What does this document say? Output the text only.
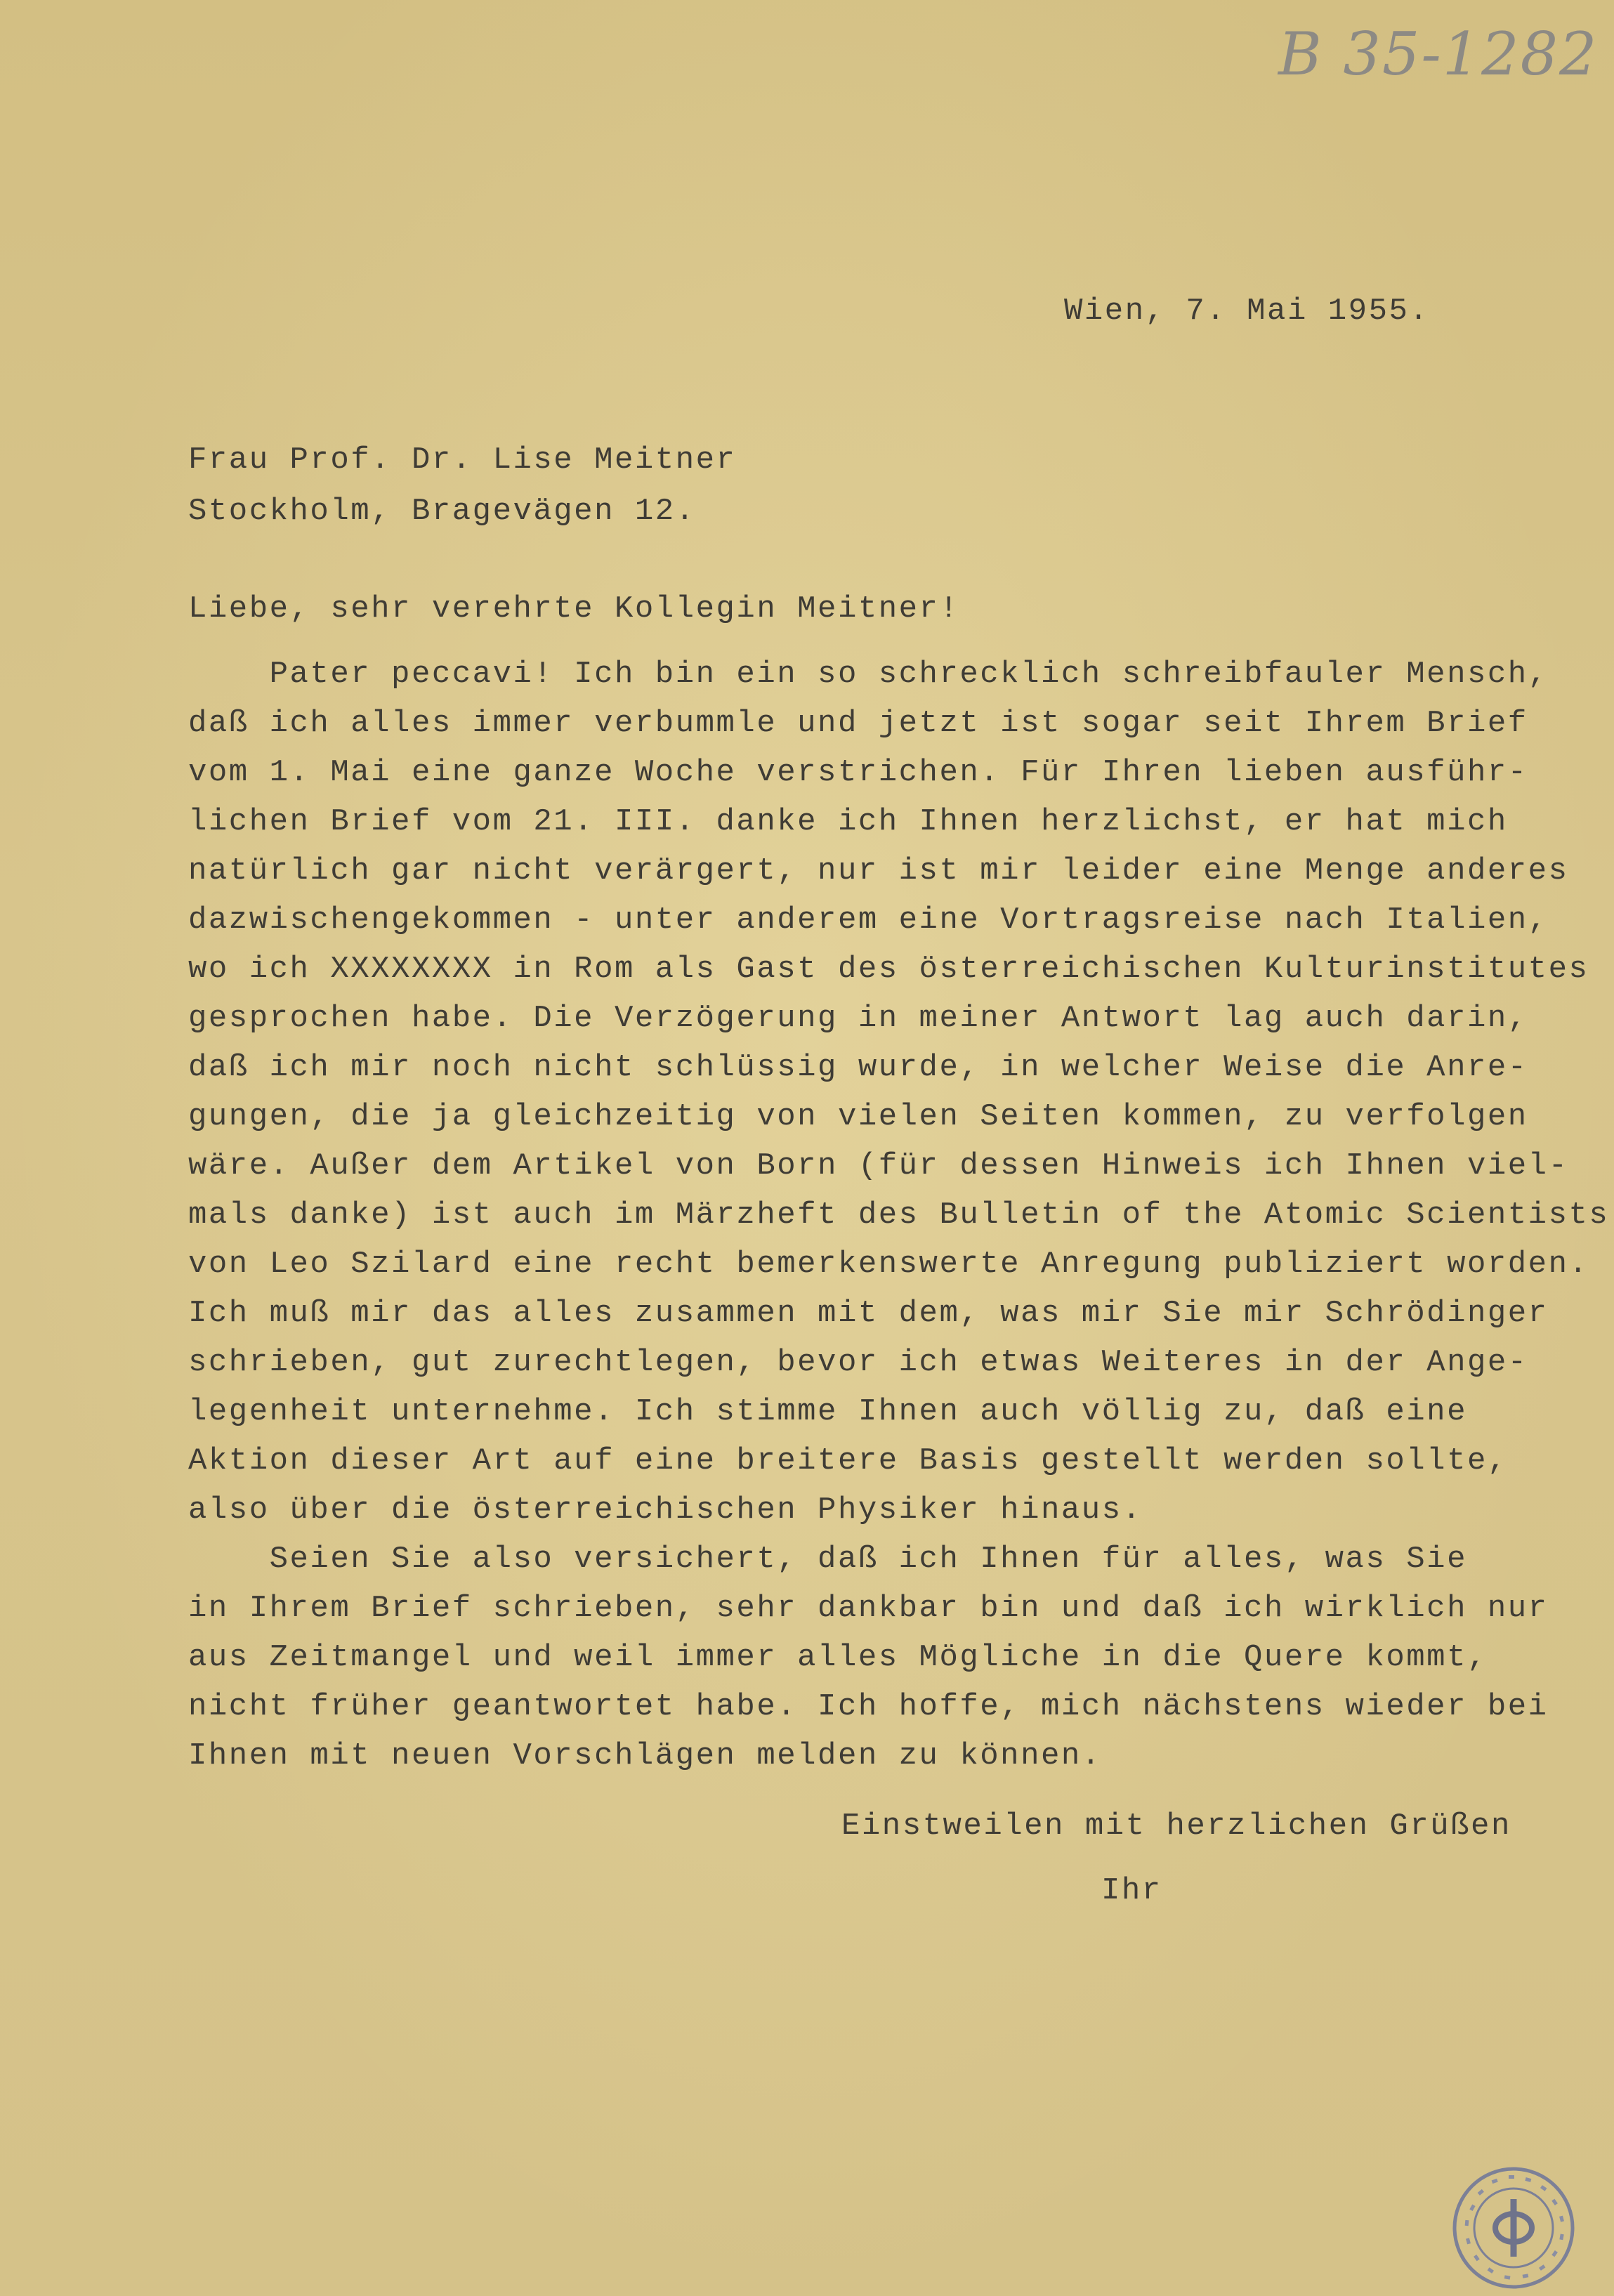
B 35-1282
Wien, 7. Mai 1955.
Frau Prof. Dr. Lise Meitner
Stockholm, Bragevägen 12.
Liebe, sehr verehrte Kollegin Meitner!
Pater peccavi! Ich bin ein so schrecklich schreibfauler Mensch,
daß ich alles immer verbummle und jetzt ist sogar seit Ihrem Brief
vom 1. Mai eine ganze Woche verstrichen. Für Ihren lieben ausführ-
lichen Brief vom 21. III. danke ich Ihnen herzlichst, er hat mich
natürlich gar nicht verärgert, nur ist mir leider eine Menge anderes
dazwischengekommen - unter anderem eine Vortragsreise nach Italien,
wo ich XXXXXXXX in Rom als Gast des österreichischen Kulturinstitutes
gesprochen habe. Die Verzögerung in meiner Antwort lag auch darin,
daß ich mir noch nicht schlüssig wurde, in welcher Weise die Anre-
gungen, die ja gleichzeitig von vielen Seiten kommen, zu verfolgen
wäre. Außer dem Artikel von Born (für dessen Hinweis ich Ihnen viel-
mals danke) ist auch im Märzheft des Bulletin of the Atomic Scientists
von Leo Szilard eine recht bemerkenswerte Anregung publiziert worden.
Ich muß mir das alles zusammen mit dem, was mir Sie mir Schrödinger
schrieben, gut zurechtlegen, bevor ich etwas Weiteres in der Ange-
legenheit unternehme. Ich stimme Ihnen auch völlig zu, daß eine
Aktion dieser Art auf eine breitere Basis gestellt werden sollte,
also über die österreichischen Physiker hinaus.
Seien Sie also versichert, daß ich Ihnen für alles, was Sie
in Ihrem Brief schrieben, sehr dankbar bin und daß ich wirklich nur
aus Zeitmangel und weil immer alles Mögliche in die Quere kommt,
nicht früher geantwortet habe. Ich hoffe, mich nächstens wieder bei
Ihnen mit neuen Vorschlägen melden zu können.
Einstweilen mit herzlichen Grüßen
Ihr
